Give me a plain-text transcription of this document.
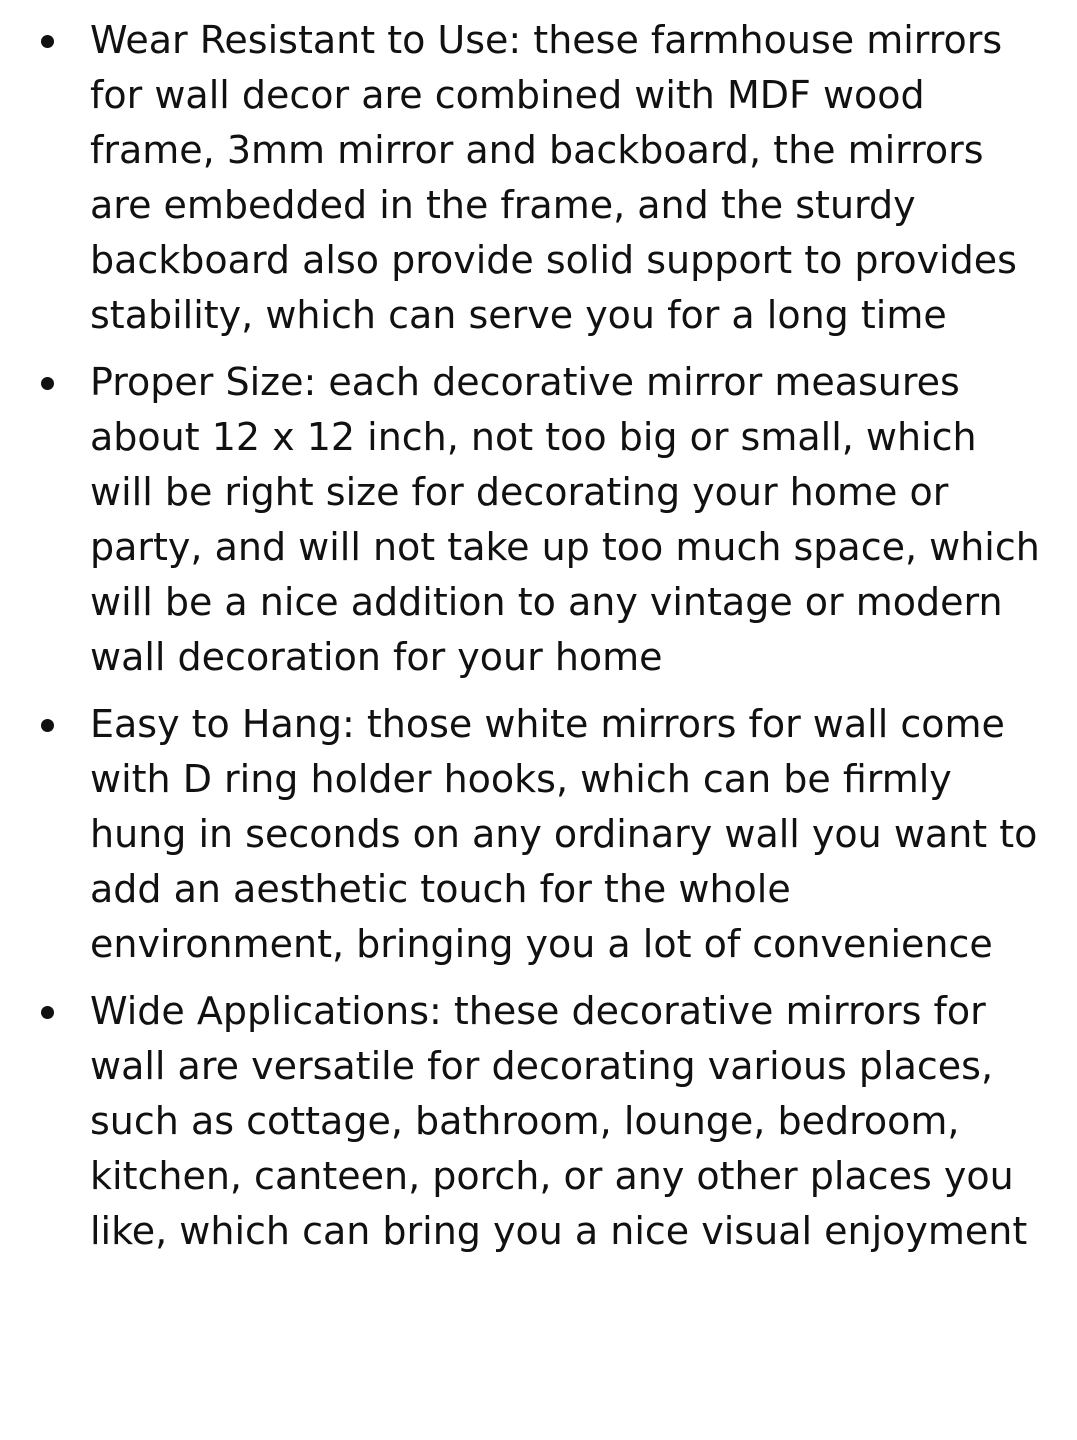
Wear Resistant to Use: these farmhouse mirrors for wall decor are combined with MDF wood frame, 3mm mirror and backboard, the mirrors are embedded in the frame, and the sturdy backboard also provide solid support to provides stability, which can serve you for a long time
Proper Size: each decorative mirror measures about 12 x 12 inch, not too big or small, which will be right size for decorating your home or party, and will not take up too much space, which will be a nice addition to any vintage or modern wall decoration for your home
Easy to Hang: those white mirrors for wall come with D ring holder hooks, which can be firmly hung in seconds on any ordinary wall you want to add an aesthetic touch for the whole environment, bringing you a lot of convenience
Wide Applications: these decorative mirrors for wall are versatile for decorating various places, such as cottage, bathroom, lounge, bedroom, kitchen, canteen, porch, or any other places you like, which can bring you a nice visual enjoyment
